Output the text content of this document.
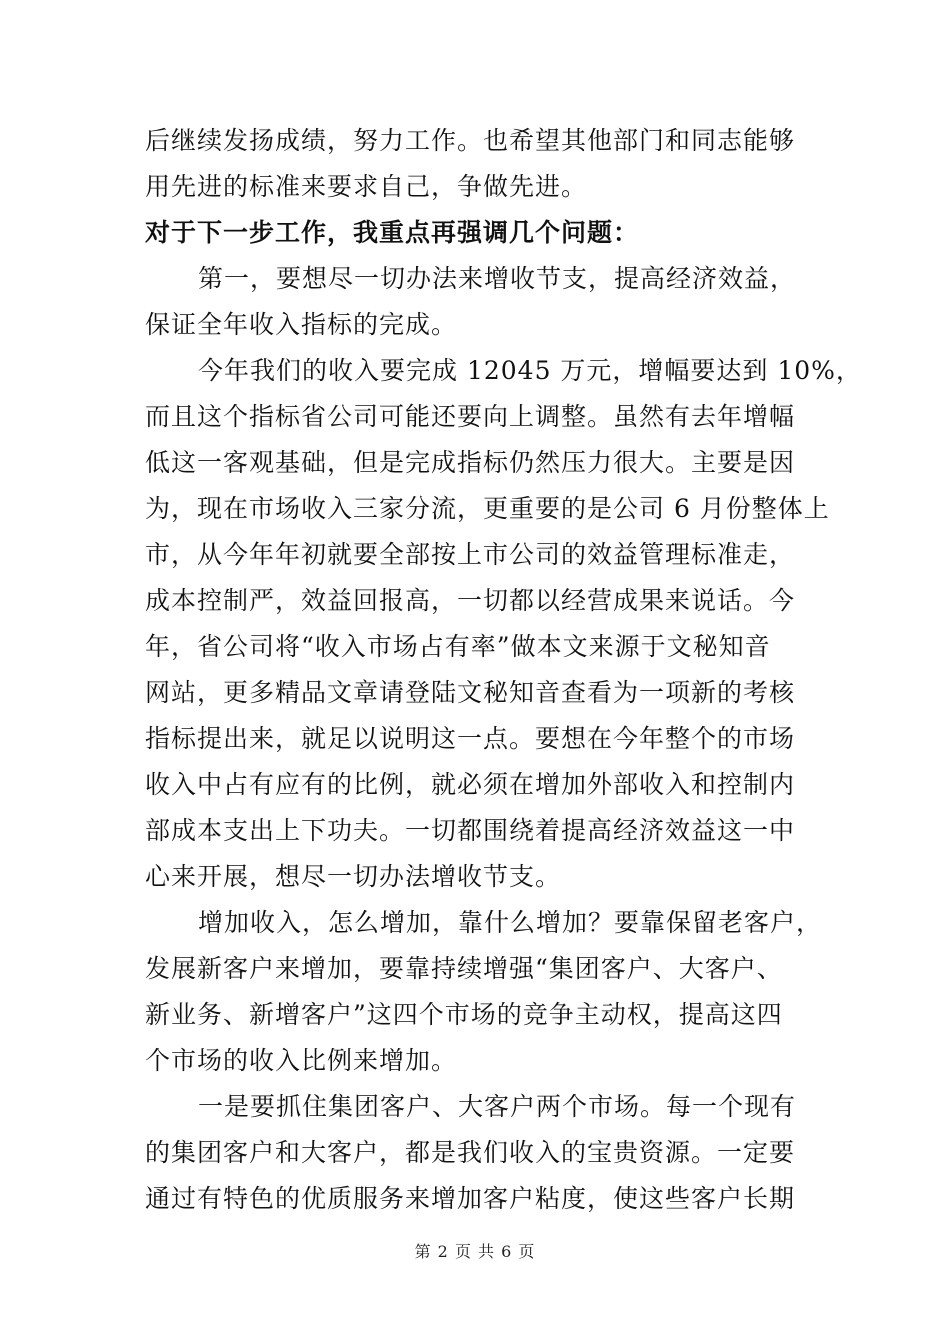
后继续发扬成绩，努力工作。也希望其他部门和同志能够
用先进的标准来要求自己，争做先进。
对于下一步工作，我重点再强调几个问题：
第一，要想尽一切办法来增收节支，提高经济效益，
保证全年收入指标的完成。
今年我们的收入要完成 12045 万元，增幅要达到 10%，
而且这个指标省公司可能还要向上调整。虽然有去年增幅
低这一客观基础，但是完成指标仍然压力很大。主要是因
为，现在市场收入三家分流，更重要的是公司 6 月份整体上
市，从今年年初就要全部按上市公司的效益管理标准走，
成本控制严，效益回报高，一切都以经营成果来说话。今
年，省公司将“收入市场占有率”做本文来源于文秘知音
网站，更多精品文章请登陆文秘知音查看为一项新的考核
指标提出来，就足以说明这一点。要想在今年整个的市场
收入中占有应有的比例，就必须在增加外部收入和控制内
部成本支出上下功夫。一切都围绕着提高经济效益这一中
心来开展，想尽一切办法增收节支。
增加收入，怎么增加，靠什么增加？要靠保留老客户，
发展新客户来增加，要靠持续增强“集团客户、大客户、
新业务、新增客户”这四个市场的竞争主动权，提高这四
个市场的收入比例来增加。
一是要抓住集团客户、大客户两个市场。每一个现有
的集团客户和大客户，都是我们收入的宝贵资源。一定要
通过有特色的优质服务来增加客户粘度，使这些客户长期
第 2 页 共 6 页
